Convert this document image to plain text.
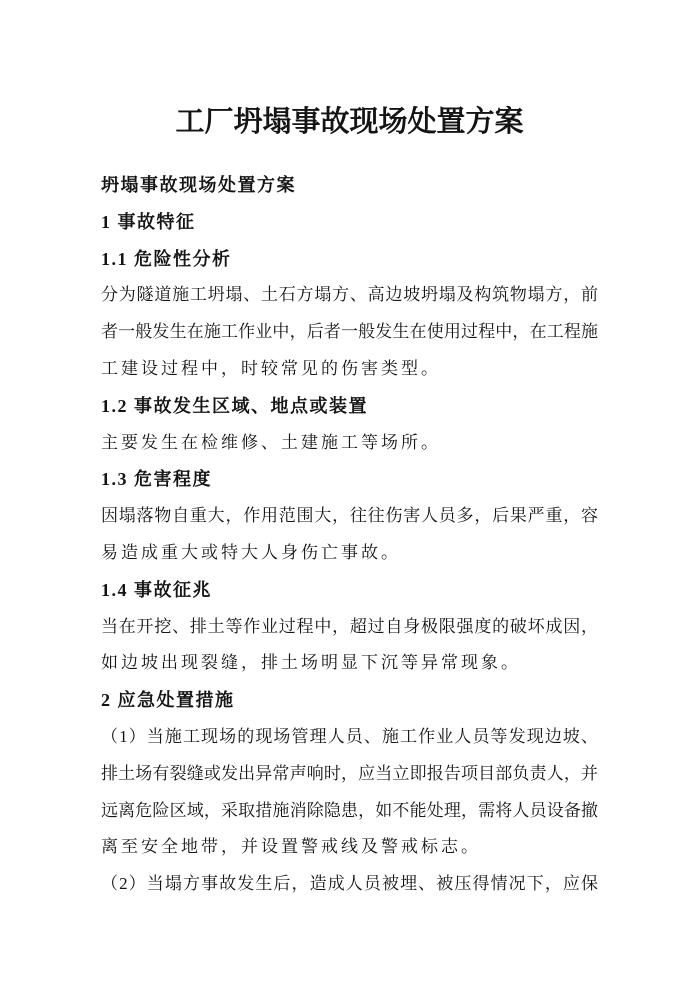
工厂坍塌事故现场处置方案
坍塌事故现场处置方案
1 事故特征
1.1 危险性分析
分为隧道施工坍塌、土石方塌方、高边坡坍塌及构筑物塌方，前
者一般发生在施工作业中，后者一般发生在使用过程中，在工程施
工建设过程中，时较常见的伤害类型。
1.2 事故发生区域、地点或装置
主要发生在检维修、土建施工等场所。
1.3 危害程度
因塌落物自重大，作用范围大，往往伤害人员多，后果严重，容
易造成重大或特大人身伤亡事故。
1.4 事故征兆
当在开挖、排土等作业过程中，超过自身极限强度的破坏成因，
如边坡出现裂缝，排土场明显下沉等异常现象。
2 应急处置措施
（1）当施工现场的现场管理人员、施工作业人员等发现边坡、
排土场有裂缝或发出异常声响时，应当立即报告项目部负责人，并
远离危险区域，采取措施消除隐患，如不能处理，需将人员设备撤
离至安全地带，并设置警戒线及警戒标志。
（2）当塌方事故发生后，造成人员被埋、被压得情况下，应保
